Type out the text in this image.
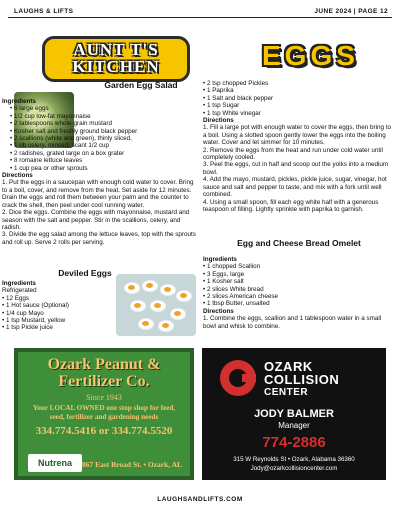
LAUGHS & LIFTS	JUNE 2024 | PAGE 12
AUNT T'S
KITCHEN	EGGS
Garden Egg Salad
Ingredients
• 6 large eggs
• 1/2 cup low-fat mayonnaise
• 2 tablespoons whole-grain mustard
• Kosher salt and freshly ground black pepper
• 2 scallions (white and green), thinly sliced,
• 1 rib celery, minced, scant 1/2 cup
• 2 radishes, grated large on a box grater
• 8 romaine lettuce leaves
• 1 cup pea or other sprouts
Directions
1. Put the eggs in a saucepan with enough cold water to cover. Bring to a boil, cover, and remove from the heat. Set aside for 12 minutes. Drain the eggs and roll them between your palm and the counter to crack the shell, then peel under cool running water.
2. Dice the eggs. Combine the eggs with mayonnaise, mustard and season with the salt and pepper. Stir in the scallions, celery, and radish.
3. Divide the egg salad among the lettuce leaves, top with the sprouts and roll up. Serve 2 rolls per serving.
Deviled Eggs
Ingredients
Refrigerated
• 12 Eggs
• 1 Hot sauce (Optional)
• 1/4 cup Mayo
• 1 tsp Mustard, yellow
• 1 tsp Pickle juice
• 2 tsp chopped Pickles
• 1 Paprika
• 1 Salt and black pepper
• 1 tsp Sugar
• 1 tsp White vinegar
Directions
1. Fill a large pot with enough water to cover the eggs, then bring to a boil. Using a slotted spoon gently lower the eggs into the boiling water. Cover and let simmer for 10 minutes.
2. Remove the eggs from the heat and run under cold water until completely cooled.
3. Peel the eggs, cut in half and scoop out the yolks into a medium bowl.
4. Add the mayo, mustard, pickles, pickle juice, sugar, vinegar, hot sauce and salt and pepper to taste, and mix with a fork until well combined.
4. Using a small spoon, fill each egg white half with a generous teaspoon of filling. Lightly sprinkle with paprika to garnish.
Egg and Cheese Bread Omelet
Ingredients
• 1 chopped Scallion
• 3 Eggs, large
• 1 Kosher salt
• 2 slices White bread
• 2 slices American cheese
• 1 tbsp Butter, unsalted
Directions
1. Combine the eggs, scallion and 1 tablespoon water in a small bowl and whisk to combine.
Ozark Peanut &
Fertilizer Co.
Since 1943
Your LOCAL OWNED one stop shop for feed,
seed, fertilizer and gardening needs
334.774.5416 or 334.774.5520
Nutrena	867 East Broad St. • Ozark, AL
OZARK
COLLISION
CENTER
JODY BALMER
Manager
774-2886
315 W Reynolds St • Ozark, Alabama 36360
Jody@ozarkcollisioncenter.com
LAUGHSANDLIFTS.COM
